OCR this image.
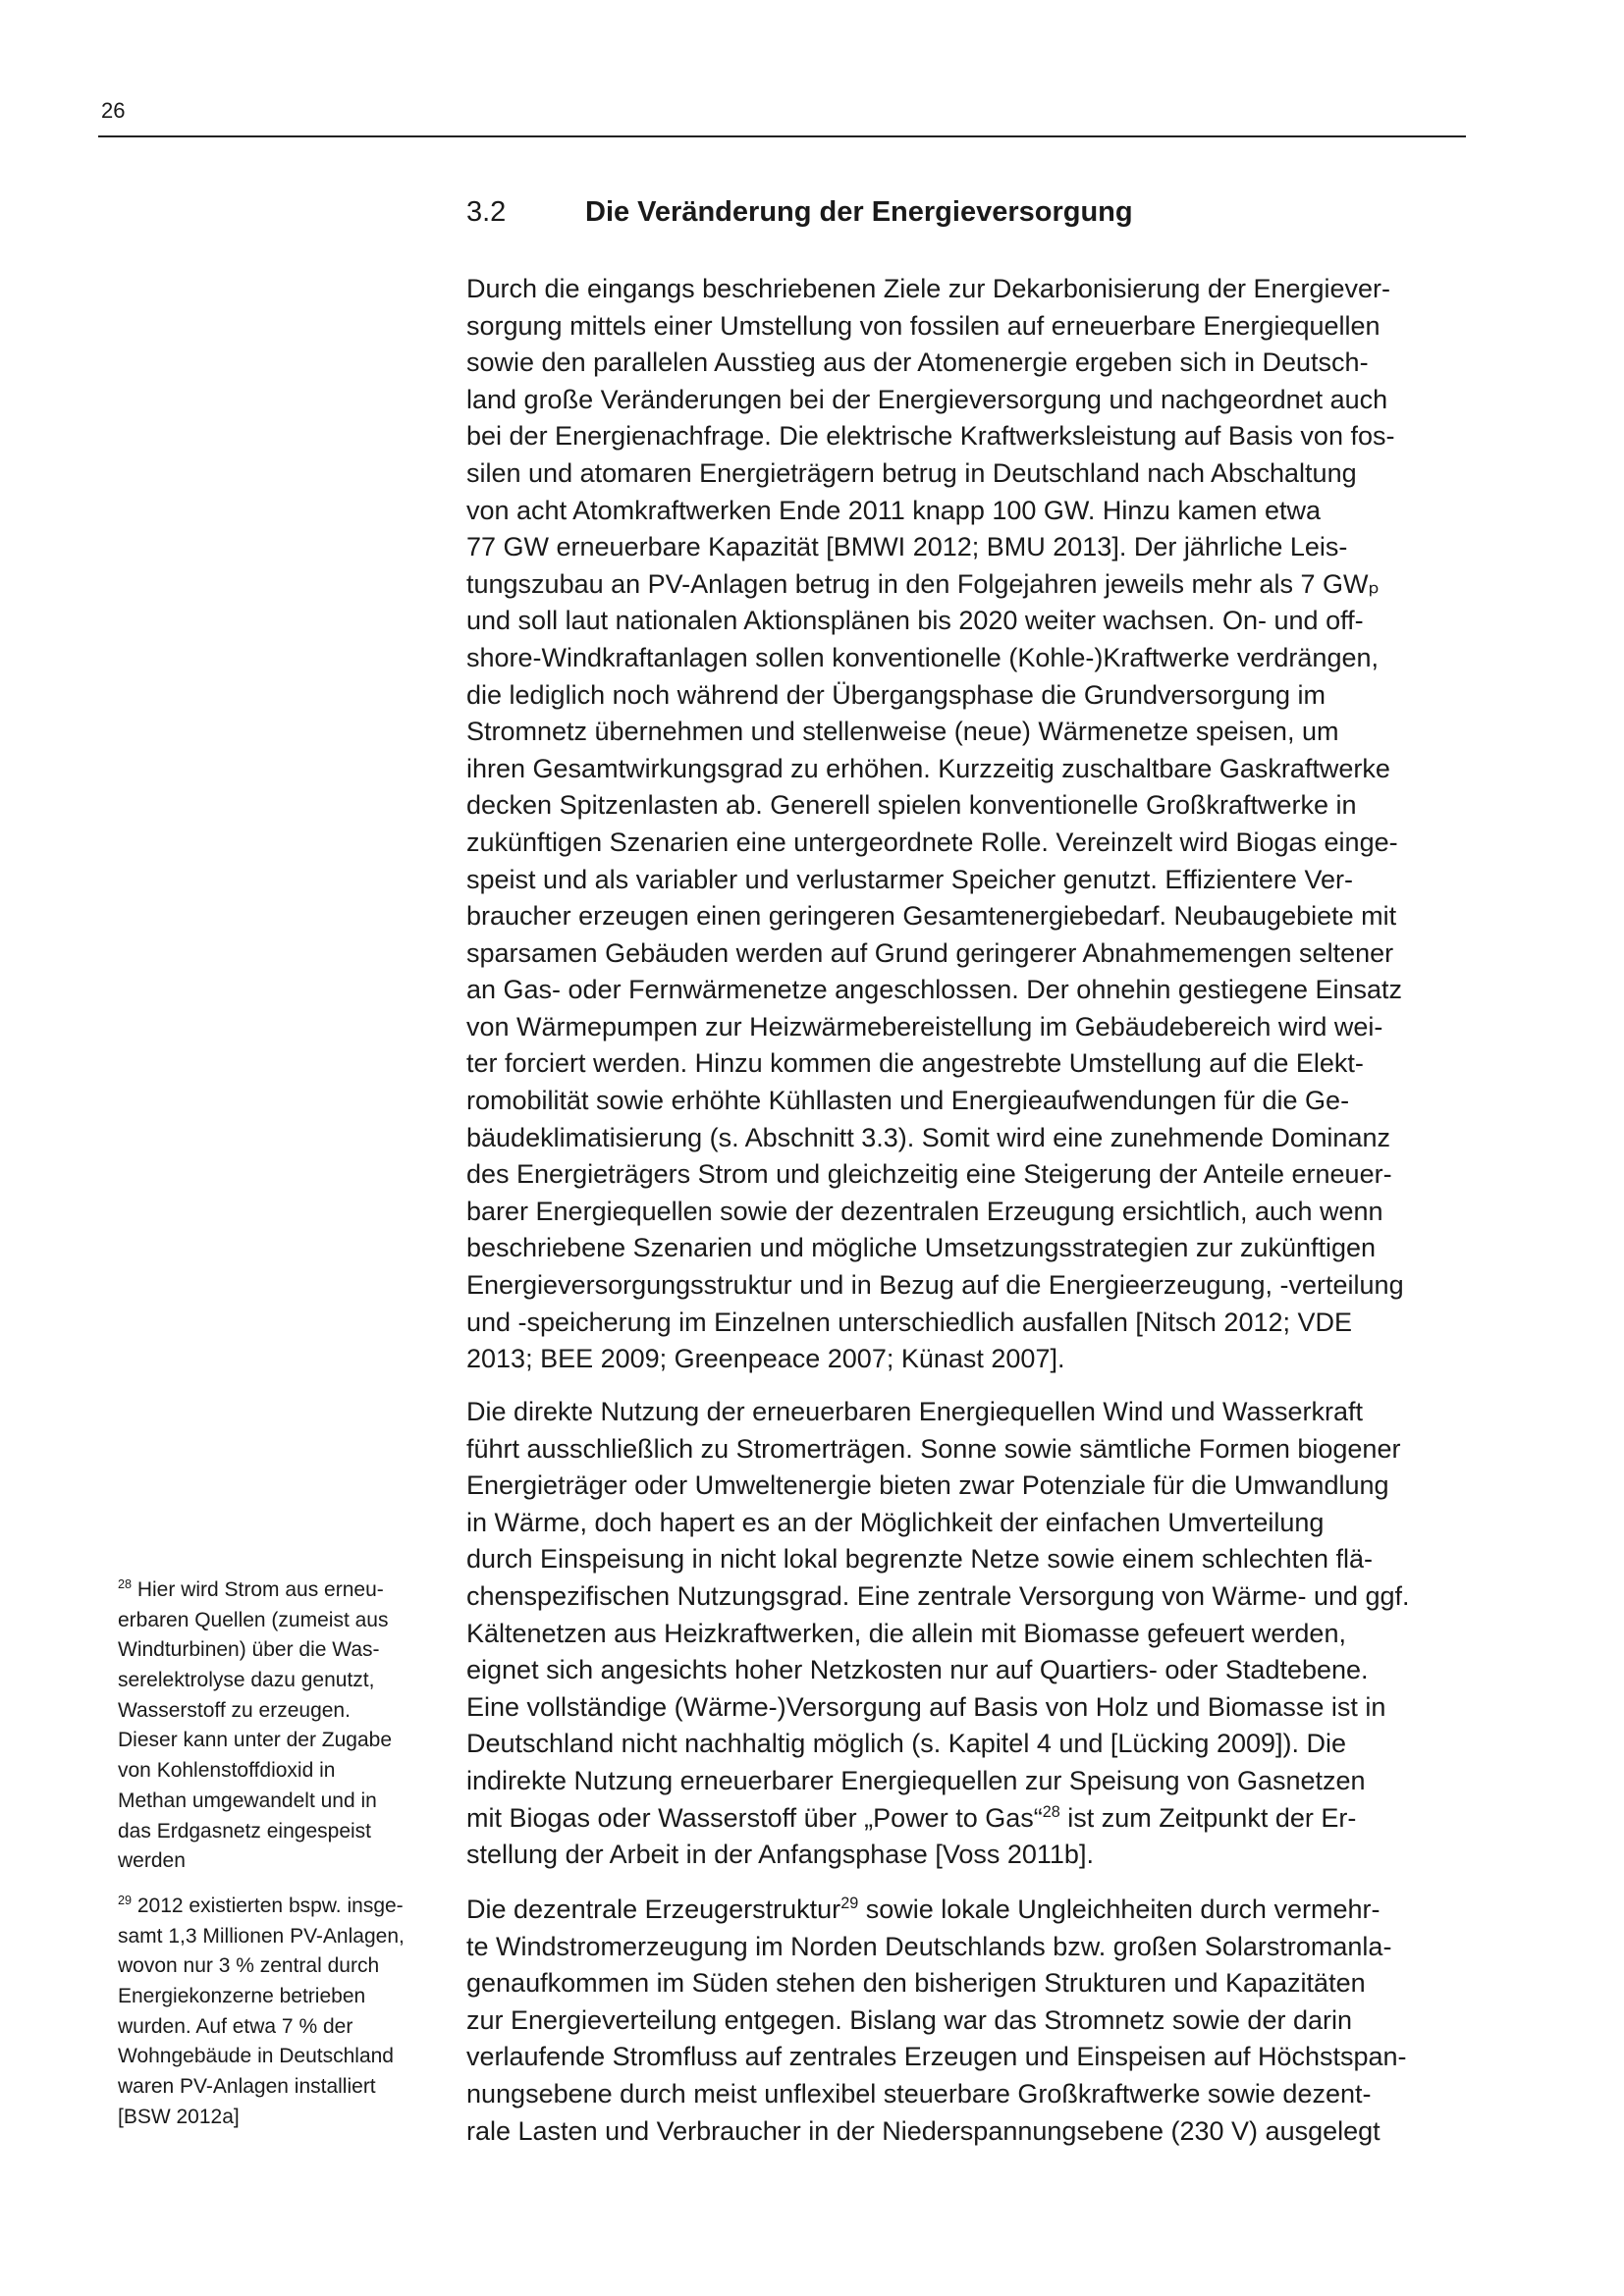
26
3.2	Die Veränderung der Energieversorgung
Durch die eingangs beschriebenen Ziele zur Dekarbonisierung der Energiever-
sorgung mittels einer Umstellung von fossilen auf erneuerbare Energiequellen
sowie den parallelen Ausstieg aus der Atomenergie ergeben sich in Deutsch-
land große Veränderungen bei der Energieversorgung und nachgeordnet auch
bei der Energienachfrage. Die elektrische Kraftwerksleistung auf Basis von fos-
silen und atomaren Energieträgern betrug in Deutschland nach Abschaltung
von acht Atomkraftwerken Ende 2011 knapp 100 GW. Hinzu kamen etwa
77 GW erneuerbare Kapazität [BMWI 2012; BMU 2013]. Der jährliche Leis-
tungszubau an PV-Anlagen betrug in den Folgejahren jeweils mehr als 7 GWₚ
und soll laut nationalen Aktionsplänen bis 2020 weiter wachsen. On- und off-
shore-Windkraftanlagen sollen konventionelle (Kohle-)Kraftwerke verdrängen,
die lediglich noch während der Übergangsphase die Grundversorgung im
Stromnetz übernehmen und stellenweise (neue) Wärmenetze speisen, um
ihren Gesamtwirkungsgrad zu erhöhen. Kurzzeitig zuschaltbare Gaskraftwerke
decken Spitzenlasten ab. Generell spielen konventionelle Großkraftwerke in
zukünftigen Szenarien eine untergeordnete Rolle. Vereinzelt wird Biogas einge-
speist und als variabler und verlustarmer Speicher genutzt. Effizientere Ver-
braucher erzeugen einen geringeren Gesamtenergiebedarf. Neubaugebiete mit
sparsamen Gebäuden werden auf Grund geringerer Abnahmemengen seltener
an Gas- oder Fernwärmenetze angeschlossen. Der ohnehin gestiegene Einsatz
von Wärmepumpen zur Heizwärmebereistellung im Gebäudebereich wird wei-
ter forciert werden. Hinzu kommen die angestrebte Umstellung auf die Elekt-
romobilität sowie erhöhte Kühllasten und Energieaufwendungen für die Ge-
bäudeklimatisierung (s. Abschnitt 3.3). Somit wird eine zunehmende Dominanz
des Energieträgers Strom und gleichzeitig eine Steigerung der Anteile erneuer-
barer Energiequellen sowie der dezentralen Erzeugung ersichtlich, auch wenn
beschriebene Szenarien und mögliche Umsetzungsstrategien zur zukünftigen
Energieversorgungsstruktur und in Bezug auf die Energieerzeugung, -verteilung
und -speicherung im Einzelnen unterschiedlich ausfallen [Nitsch 2012; VDE
2013; BEE 2009; Greenpeace 2007; Künast 2007].
Die direkte Nutzung der erneuerbaren Energiequellen Wind und Wasserkraft
führt ausschließlich zu Stromerträgen. Sonne sowie sämtliche Formen biogener
Energieträger oder Umweltenergie bieten zwar Potenziale für die Umwandlung
in Wärme, doch hapert es an der Möglichkeit der einfachen Umverteilung
durch Einspeisung in nicht lokal begrenzte Netze sowie einem schlechten flä-
chenspezifischen Nutzungsgrad. Eine zentrale Versorgung von Wärme- und ggf.
Kältenetzen aus Heizkraftwerken, die allein mit Biomasse gefeuert werden,
eignet sich angesichts hoher Netzkosten nur auf Quartiers- oder Stadtebene.
Eine vollständige (Wärme-)Versorgung auf Basis von Holz und Biomasse ist in
Deutschland nicht nachhaltig möglich (s. Kapitel 4 und [Lücking 2009]). Die
indirekte Nutzung erneuerbarer Energiequellen zur Speisung von Gasnetzen
mit Biogas oder Wasserstoff über „Power to Gas“$^{28}$ ist zum Zeitpunkt der Er-
stellung der Arbeit in der Anfangsphase [Voss 2011b].
Die dezentrale Erzeugerstruktur$^{29}$ sowie lokale Ungleichheiten durch vermehr-
te Windstromerzeugung im Norden Deutschlands bzw. großen Solarstromanla-
genaufkommen im Süden stehen den bisherigen Strukturen und Kapazitäten
zur Energieverteilung entgegen. Bislang war das Stromnetz sowie der darin
verlaufende Stromfluss auf zentrales Erzeugen und Einspeisen auf Höchstspan-
nungsebene durch meist unflexibel steuerbare Großkraftwerke sowie dezent-
rale Lasten und Verbraucher in der Niederspannungsebene (230 V) ausgelegt
$^{28}$ Hier wird Strom aus erneu-
erbaren Quellen (zumeist aus
Windturbinen) über die Was-
serelektrolyse dazu genutzt,
Wasserstoff zu erzeugen.
Dieser kann unter der Zugabe
von Kohlenstoffdioxid in
Methan umgewandelt und in
das Erdgasnetz eingespeist
werden
$^{29}$ 2012 existierten bspw. insge-
samt 1,3 Millionen PV-Anlagen,
wovon nur 3 % zentral durch
Energiekonzerne betrieben
wurden. Auf etwa 7 % der
Wohngebäude in Deutschland
waren PV-Anlagen installiert
[BSW 2012a]
